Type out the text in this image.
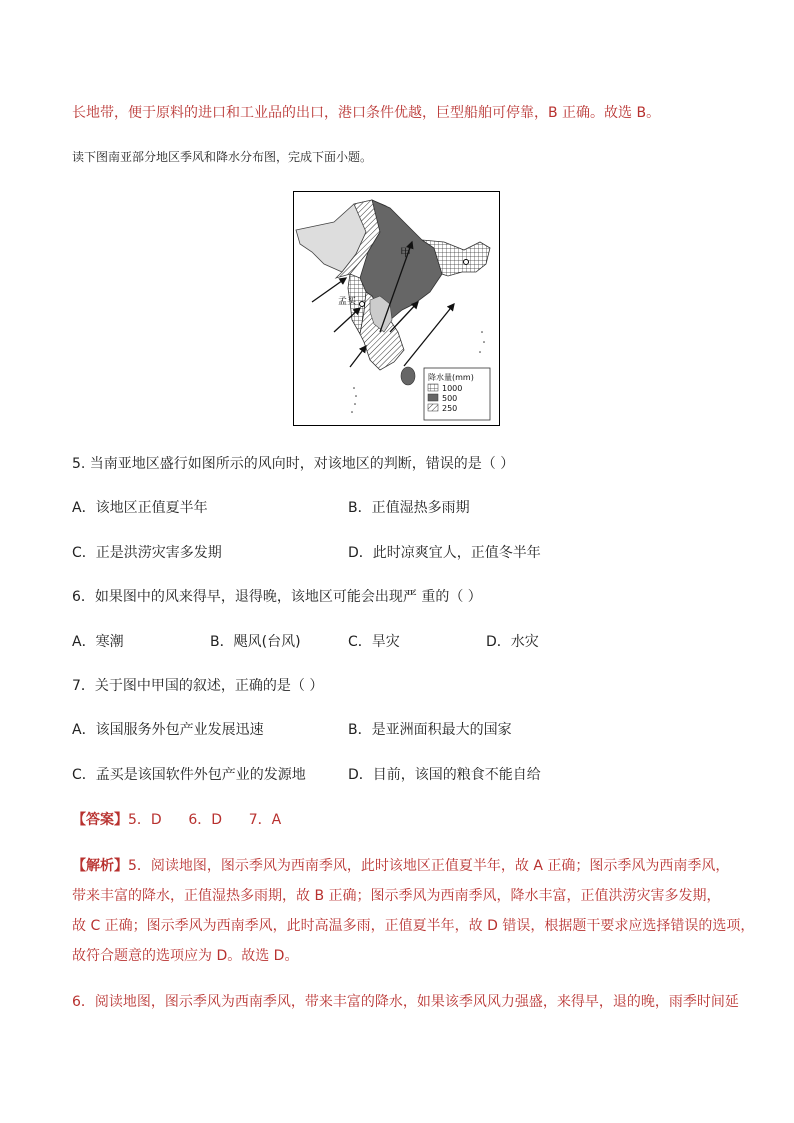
长地带，便于原料的进口和工业品的出口，港口条件优越，巨型船舶可停靠，B 正确。故选 B。
读下图南亚部分地区季风和降水分布图，完成下面小题。
甲
孟买
降水量(mm)
1000
500
250
5. 当南亚地区盛行如图所示的风向时，对该地区的判断，错误的是（ ）
A．该地区正值夏半年	B．正值湿热多雨期
C．正是洪涝灾害多发期	D．此时凉爽宜人，正值冬半年
6．如果图中的风来得早，退得晚，该地区可能会出现严 重的（ ）
A．寒潮	B．飓风(台风)	C．旱灾	D．水灾
7．关于图中甲国的叙述，正确的是（ ）
A．该国服务外包产业发展迅速	B．是亚洲面积最大的国家
C．孟买是该国软件外包产业的发源地	D．目前，该国的粮食不能自给
【答案】5．D      6．D      7．A
【解析】5．阅读地图，图示季风为西南季风，此时该地区正值夏半年，故 A 正确；图示季风为西南季风，
带来丰富的降水，正值湿热多雨期，故 B 正确；图示季风为西南季风，降水丰富，正值洪涝灾害多发期，
故 C 正确；图示季风为西南季风，此时高温多雨，正值夏半年，故 D 错误，根据题干要求应选择错误的选项，
故符合题意的选项应为 D。故选 D。
6．阅读地图，图示季风为西南季风，带来丰富的降水，如果该季风风力强盛，来得早，退的晚，雨季时间延
